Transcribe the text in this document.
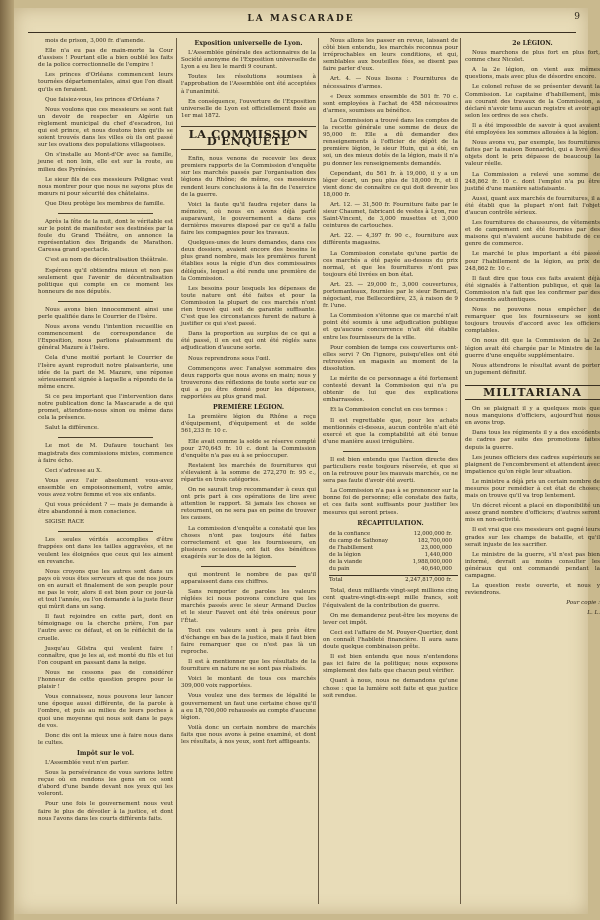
LA MASCARADE	9

mois de prison, 3,000 fr. d'amende.

Elle n'a eu pas de main-morte la Cour d'assises ! Pourtant elle a bien oublié les faits de la police correctionnelle de l'empire !

Les princes d'Orléans commencent leurs tournées départementales, ainsi que l'on disait qu'ils en feraient.

Que faisiez-vous, les princes d'Orléans ?

Nous voulons que ces messieurs se sont fait un devoir de respecter en Algérie un règlement municipal du chef d'escadron, lui qui est prince, et nous doutons bien qu'ils se soient trouvés dans les villes où ils ont passé sur les ovations des populations villageoises.

On s'installe au Mont-d'Or avec sa famille, jeune et non loin, elle est sur la route, au milieu des Pyrénées.

Le sieur fils de ces messieurs Polignac veut nous montrer pour que nous ne sayons plus de mœurs ni pour sécurité des châtelains.

Que Dieu protège les membres de famille.

Après la fête de la nuit, dont le véritable est sur le point de manifester ses destinées par la foule du Grand Théâtre, on annonce la représentation des Brigands de Marathon. Caressa grand spectacle.

C'est au nom de décentralisation théâtrale.

Espérons qu'il obtiendra mieux et non pas seulement que l'avenir de décentralisation politique qui compte en ce moment les honneurs de nos députés.

Nous avons bien innocemment ainsi une perle qualifiée dans le Courrier de l'Isère.

Nous avons vendu l'intention recueillie en commencement de correspondance de l'Exposition, nous parlions plaisamment du général Mazure à l'Isère.

Cela d'une moitié portant le Courrier de l'Isère ayant reproduit notre plaisanterie, une idée de la part de M. Mazure, une réponse sérieusement signée à laquelle a répondu de la même encre.

Si ce peu important que l'intervention dans notre publication donc la Mascarade a de qui promet, attendons-nous sinon ou même dans cela la présence.

Salut la différence.

Le mot de M. Dufaure touchant les magistrats des commissions mixtes, commence à faire écho.

Ceci s'adresse au X.

Vous avez l'air absolument vous-avez ensemble en empoisonnement, votre amie, vous avez votre femme et vos six enfants.

Qui vous précédent ? — mais je demande à être abandonné à mon conscience.

SIGISE RACE

Les seules vérités accomplies d'être frappées ont dans les tailles aggravées, et ne veulent les éloignées que ceux qui les aiment en revanche.

Nous croyons que les autres sont dans un pays où vous êtes serveurs et que de nos jours on en aurait et finalement de son peuple pour ne pas le voir, alors il est bien pour ce jour-là et tout l'année, ou l'on demande à la juste fleur qui mûrit dans un sang.

Il faut rejoindre en cette part, dont en témoignage ou la cherche prière, l'on par l'autre avec ce défaut, et on le réfléchit de la cruelle.

Jusqu'au Gilstra qui veulent faire ! connaître, que je les ai, est monté du fils et lui l'on coupant en passant dans la neige.

Nous ne cessons pas de considérer l'honneur de cette question propre pour le plaisir !

Vous connaissez, nous pouvons leur lancer une époque aussi différente, de la parole à l'ombre, et puis au milieu de leurs poches à quoi une moyenne qui nous soit dans le pays de vos.

Donc dis ont la mieux une à faire nous dans le cultes.

Impôt sur le vol.

L'Assemblée veut n'en parler.

Sous la persévérance de vous savions lettre reçue où en rendons les gens en ce sont d'abord d'une bande devant nos yeux qui les voleront.

Pour une fois le gouvernement nous veut faire le plus de dévoiler à la justice, et dont nous l'avons dans les courts différents faits.

Exposition universelle de Lyon.

L'Assemblée générale des actionnaires de la Société anonyme de l'Exposition universelle de Lyon a eu lieu le mardi 9 courant.

Toutes les résolutions soumises à l'approbation de l'Assemblée ont été acceptées à l'unanimité.

En conséquence, l'ouverture de l'Exposition universelle de Lyon est officiellement fixée au 1er mai 1872.

LA COMMISSION D'ENQUÊTE

Enfin, nous venons de recevoir les deux premiers rapports de la Commission d'enquête sur les marchés passés par l'organisation des légions du Rhône; de même, ces messieurs rendent leurs conclusions à la fin de l'exercice de la guerre.

Voici la faute qu'il faudra rejeter dans la mémoire, où nous en avons déjà parlé auparavant, le gouvernement a dans ces dernières mesures disposé par ce qu'il a fallu faire les compagnies pour les travaux.

Quelques-unes de leurs demandes, dans ces deux dossiers, avaient encore des besoins le plus grand nombre, mais les premières furent établies sous la régie d'un des commissaires délégués, lequel a été rendu une première de la Commission.

Les besoins pour lesquels les dépenses de toute nature ont été faites et pour la Commission la plupart de ces marchés n'ont rien trouvé qui soit de garantie suffisante. C'est que les circonstances furent de nature à justifier ce qui s'est passé.

Dans la proportion au surplus de ce qui a été passé, il en est qui ont été réglés sans adjudication d'aucune sorte.

Nous reprendrons sous l'œil.

Commençons avec l'analyse sommaire des deux rapports que nous avons en main; nous y trouverons des réflexions de toute sorte sur ce qui a pu être donné pour les dépenses, rapportées au plus grand mal.

PREMIÈRE LÉGION.

La première légion du Rhône a reçu d'équipement, d'équipement et de solde 561,233 fr. 10 c.

Elle avait comme la solde se réserve compté pour 270,645 fr. 10 c. dont la Commission d'enquête n'a pas eu à se préoccuper.

Restaient les marchés de fournitures qui s'élevaient à la somme de 272,270 fr. 95 c., répartis en trois catégories.

On ne saurait trop recommander à ceux qui ont pris part à ces opérations de lire avec attention le rapport. Si jamais les choses se retournent, on ne sera pas en peine de trouver les causes.

La commission d'enquête a constaté que les choses n'ont pas toujours été faites correctement et que les fournisseurs, en plusieurs occasions, ont fait des bénéfices exagérés sur le dos de la légion.

qui montrent le nombre de pas qu'il apparaissent dans ces chiffres.

Sans remporter de paroles les valeurs réglées ici nous pouvons conclure que les marchés passés avec le sieur Armand Duclos et le sieur Fauvet ont été très onéreux pour l'État.

Tout ces valeurs sont à peu près être d'échange en bas de la justice, mais il faut bien faire remarquer que ce n'est pas là un reproche.

Il est à mentionner que les résultats de la fourniture en nature ne se sont pas réalisés.

Voici le montant de tous ces marchés 309,000 voix rapportées.

Vous voulez une des termes de légalité le gouvernement un faut une certaine chose qu'il a eu 18,700,000 rehaussés au compte d'aucune légion.

Voilà donc un certain nombre de marchés faits que nous avons à peine examiné, et dont les résultats, à nos yeux, sont fort affligeants.

Nous allons les passer en revue, laissant de côté bien entendu, les marchés reconnus pour irréprochables en leurs conditions, et qui, semblables aux bouteilles fées, se disent pas faire parler d'eux.

Art. 4. — Nous lisons : Fournitures de nécessaires d'armes.

« Deux sommes ensemble de 501 fr. 70 c. sont employées à l'achat de 458 nécessaires d'armes, soumises au bénéfice.

La Commission a trouvé dans les comptes de la recette générale une somme de deux de 95,000 fr. Elle a dû demander des renseignements à l'officier de dépôt de la première légion, le sieur Huin, qui a été, en soi, un des mieux dotés de la légion, mais il n'a pu donner les renseignements demandés.

Cependant, du 561 fr. à 19,000, il y a un léger écart, un peu plus de 18,000 fr., et il vient donc de connaître ce qui doit devenir les 18,000 fr.

Art. 12. — 31,500 fr. Fourniture faite par le sieur Chaumet, fabricant de vestes à Lyon, rue Saint-Vincent, de 3,000 musettes et 3,000 ceintures de cartouches.

Art. 22. — 4,397 fr. 90 c., fourniture aux différents magasins.

La Commission constate qu'une partie de ces marchés a été payée au-dessus du prix normal, et que les fournitures n'ont pas toujours été livrées en bon état.

Art. 23. — 29,000 fr., 3,000 couvertures, portemanteaux, fournies par le sieur Bernard, négociant, rue Bellecordière, 23, à raison de 9 fr. l'une.

La Commission s'étonne que ce marché n'ait point été soumis à une adjudication publique et qu'aucune concurrence n'ait été établie entre les fournisseurs de la ville.

Pour combien de temps ces couvertures ont-elles servi ? On l'ignore, puisqu'elles ont été retrouvées en magasin au moment de la dissolution.

Le mérite de ce personnage a été fortement contesté devant la Commission qui n'a pu obtenir de lui que des explications embarrassées.

Et la Commission conclut en ces termes :

Il est regrettable que, pour les achats mentionnés ci-dessus, aucun contrôle n'ait été exercé et que la comptabilité ait été tenue d'une manière aussi irrégulière.

Il est bien entendu que l'action directe des particuliers reste toujours réservée, et que si on la retrouve pour les mauvais marchés, ce ne sera pas faute d'avoir été averti.

La Commission n'a pas à se prononcer sur la bonne foi de personne; elle constate des faits, et ces faits sont suffisants pour justifier les mesures qui seront prises.

RÉCAPITULATION.
de la confiance	12,000,000 fr.
du camp de Sathonay	182,700,000
de l'habillement	23,000,000
de la légion	1,440,000
de la viande	1,988,000,000
du pain	40,640,000
Total	2,247,817,000 fr.

Total, deux milliards vingt-sept millions cinq cent quatre-vingt-dix-sept mille francs, soit l'équivalent de la contribution de guerre.

On me demanderez peut-être les moyens de lever cet impôt.

Ceci est l'affaire de M. Pouyer-Quertier, dont on connaît l'habileté financière. Il aura sans doute quelque combinaison prête.

Il est bien entendu que nous n'entendons pas ici faire de la politique; nous exposons simplement des faits que chacun peut vérifier.

Quant à nous, nous ne demandons qu'une chose : que la lumière soit faite et que justice soit rendue.

2e LÉGION.

Nous marchons de plus fort en plus fort, comme chez Nicolet.

A la 2e légion, on vient aux mêmes questions, mais avec plus de désordre encore.

Le colonel refuse de se présenter devant la Commission. Le capitaine d'habillement, mis au courant des travaux de la Commission, a déclaré n'avoir tenu aucun registre et avoir agi selon les ordres de ses chefs.

Il a été impossible de savoir à quoi avaient été employées les sommes allouées à la légion.

Nous avons vu, par exemple, les fournitures faites par la maison Bonnardel, qui a livré des objets dont le prix dépasse de beaucoup la valeur réelle.

La Commission a relevé une somme de 248,862 fr. 10 c. dont l'emploi n'a pu être justifié d'une manière satisfaisante.

Aussi, quant aux marchés de fournitures, il a été établi que la plupart n'ont fait l'objet d'aucun contrôle sérieux.

Les fournitures de chaussures, de vêtements et de campement ont été fournies par des maisons qui n'avaient aucune habitude de ce genre de commerce.

Le marché le plus important a été passé pour l'habillement de la légion, au prix de 248,862 fr. 10 c.

Il faut dire que tous ces faits avaient déjà été signalés à l'attention publique, et que la Commission n'a fait que les confirmer par des documents authentiques.

Nous ne pouvons nous empêcher de remarquer que les fournisseurs se sont toujours trouvés d'accord avec les officiers comptables.

On nous dit que la Commission de la 2e légion avait été chargée par le Ministre de la guerre d'une enquête supplémentaire.

Nous attendrons le résultat avant de porter un jugement définitif.

MILITARIANA

On se plaignait il y a quelques mois que nous manquions d'officiers, aujourd'hui nous en avons trop.

Dans tous les régiments il y a des excédents de cadres par suite des promotions faites depuis la guerre.

Les jeunes officiers des cadres supérieurs se plaignent de l'encombrement et attendent avec impatience qu'on règle leur situation.

Le ministre a déjà pris un certain nombre de mesures pour remédier à cet état de choses; mais on trouve qu'il va trop lentement.

Un décret récent a placé en disponibilité un assez grand nombre d'officiers; d'autres seront mis en non-activité.

Il est vrai que ces messieurs ont gagné leurs grades sur les champs de bataille, et qu'il serait injuste de les sacrifier.

Le ministre de la guerre, s'il n'est pas bien informé, devrait au moins consulter les généraux qui ont commandé pendant la campagne.

La question reste ouverte, et nous y reviendrons.

Pour copie :

L. L.
